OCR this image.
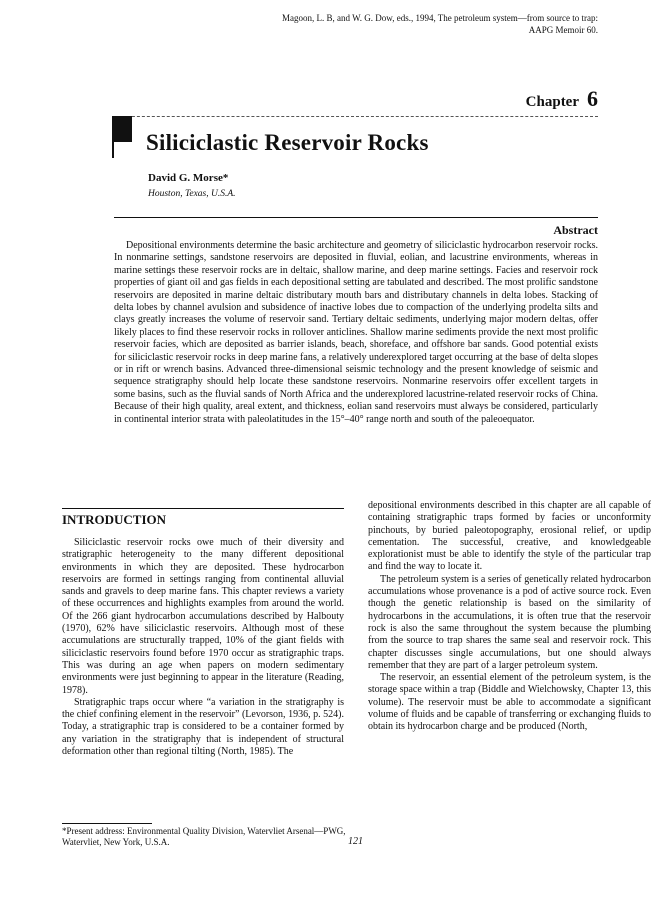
Magoon, L. B, and W. G. Dow, eds., 1994, The petroleum system—from source to trap: AAPG Memoir 60.
Chapter 6
Siliciclastic Reservoir Rocks
David G. Morse*
Houston, Texas, U.S.A.
Abstract

Depositional environments determine the basic architecture and geometry of siliciclastic hydrocarbon reservoir rocks. In nonmarine settings, sandstone reservoirs are deposited in fluvial, eolian, and lacustrine environments, whereas in marine settings these reservoir rocks are in deltaic, shallow marine, and deep marine settings. Facies and reservoir rock properties of giant oil and gas fields in each depositional setting are tabulated and described. The most prolific sandstone reservoirs are deposited in marine deltaic distributary mouth bars and distributary channels in delta lobes. Stacking of delta lobes by channel avulsion and subsidence of inactive lobes due to compaction of the underlying prodelta silts and clays greatly increases the volume of reservoir sand. Tertiary deltaic sediments, underlying major modern deltas, offer likely places to find these reservoir rocks in rollover anticlines. Shallow marine sediments provide the next most prolific reservoir facies, which are deposited as barrier islands, beach, shoreface, and offshore bar sands. Good potential exists for siliciclastic reservoir rocks in deep marine fans, a relatively underexplored target occurring at the base of delta slopes or in rift or wrench basins. Advanced three-dimensional seismic technology and the present knowledge of seismic and sequence stratigraphy should help locate these sandstone reservoirs. Nonmarine reservoirs offer excellent targets in some basins, such as the fluvial sands of North Africa and the underexplored lacustrine-related reservoir rocks of China. Because of their high quality, areal extent, and thickness, eolian sand reservoirs must always be considered, particularly in continental interior strata with paleolatitudes in the 15°–40° range north and south of the paleoequator.

INTRODUCTION

Siliciclastic reservoir rocks owe much of their diversity and stratigraphic heterogeneity to the many different depositional environments in which they are deposited. These hydrocarbon reservoirs are formed in settings ranging from continental alluvial sands and gravels to deep marine fans. This chapter reviews a variety of these occurrences and highlights examples from around the world. Of the 266 giant hydrocarbon accumulations described by Halbouty (1970), 62% have siliciclastic reservoirs. Although most of these accumulations are structurally trapped, 10% of the giant fields with siliciclastic reservoirs found before 1970 occur as stratigraphic traps. This was during an age when papers on modern sedimentary environments were just beginning to appear in the literature (Reading, 1978).

Stratigraphic traps occur where “a variation in the stratigraphy is the chief confining element in the reservoir” (Levorson, 1936, p. 524). Today, a stratigraphic trap is considered to be a container formed by any variation in the stratigraphy that is independent of structural deformation other than regional tilting (North, 1985). The

depositional environments described in this chapter are all capable of containing stratigraphic traps formed by facies or unconformity pinchouts, by buried paleotopography, erosional relief, or updip cementation. The successful, creative, and knowledgeable explorationist must be able to identify the style of the particular trap and find the way to locate it.

The petroleum system is a series of genetically related hydrocarbon accumulations whose provenance is a pod of active source rock. Even though the genetic relationship is based on the similarity of hydrocarbons in the accumulations, it is often true that the reservoir rock is also the same throughout the system because the plumbing from the source to trap shares the same seal and reservoir rock. This chapter discusses single accumulations, but one should always remember that they are part of a larger petroleum system.

The reservoir, an essential element of the petroleum system, is the storage space within a trap (Biddle and Wielchowsky, Chapter 13, this volume). The reservoir must be able to accommodate a significant volume of fluids and be capable of transferring or exchanging fluids to obtain its hydrocarbon charge and be produced (North,

*Present address: Environmental Quality Division, Watervliet Arsenal—PWG, Watervliet, New York, U.S.A.	121
